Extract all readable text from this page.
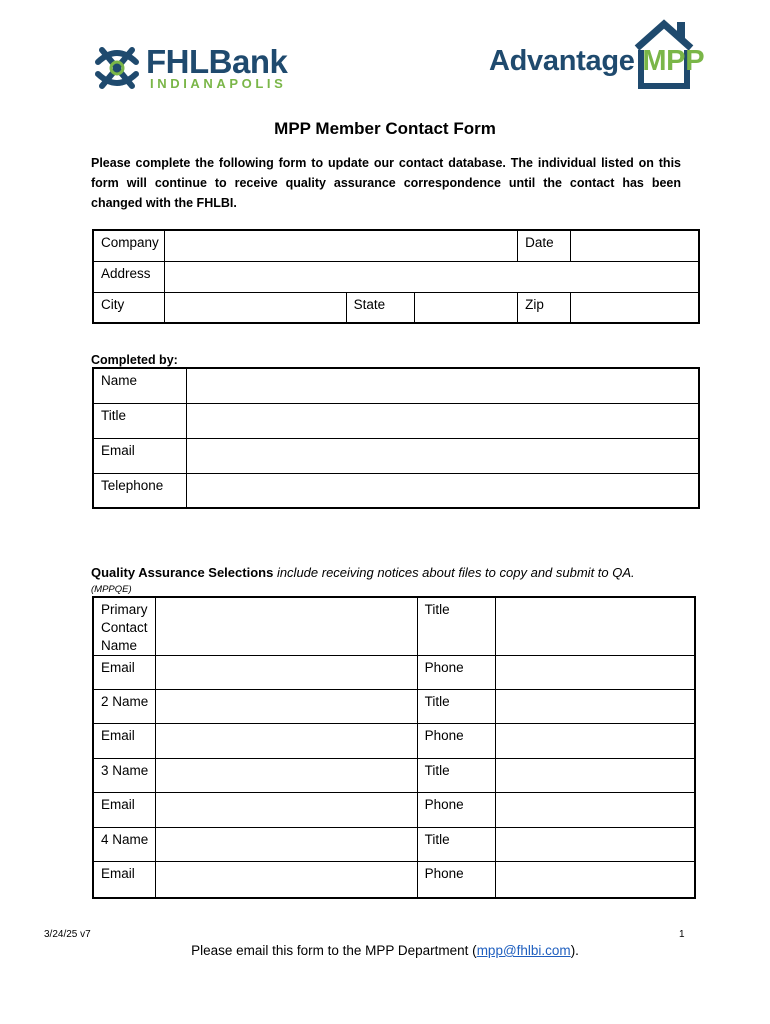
FHLBank
INDIANAPOLIS
Advantage MPP
MPP Member Contact Form
Please complete the following form to update our contact database. The individual listed on this form will continue to receive quality assurance correspondence until the contact has been changed with the FHLBI.
Company				Date	

Address					

City		State		Zip	

Completed by:
Name	

Title	

Email	

Telephone	

Quality Assurance Selections include receiving notices about files to copy and submit to QA.
(MPPQE)
Primary Contact Name		Title	

Email		Phone	

2 Name		Title	

Email		Phone	

3 Name		Title	

Email		Phone	

4 Name		Title	

Email		Phone	

3/24/25 v7	1
Please email this form to the MPP Department (mpp@fhlbi.com).
